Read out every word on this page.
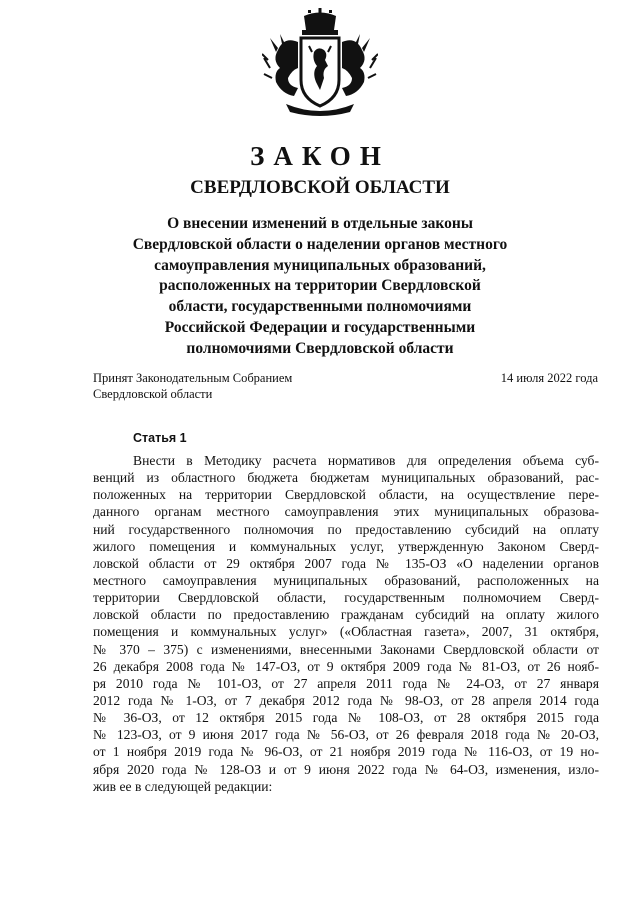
ЗАКОН
СВЕРДЛОВСКОЙ ОБЛАСТИ
О внесении изменений в отдельные законы
Свердловской области о наделении органов местного
самоуправления муниципальных образований,
расположенных на территории Свердловской
области, государственными полномочиями
Российской Федерации и государственными
полномочиями Свердловской области
Принят Законодательным Собранием
Свердловской области
14 июля 2022 года
Статья 1
Внести в Методику расчета нормативов для определения объема суб-
венций из областного бюджета бюджетам муниципальных образований, рас-
положенных на территории Свердловской области, на осуществление пере-
данного органам местного самоуправления этих муниципальных образова-
ний государственного полномочия по предоставлению субсидий на оплату
жилого помещения и коммунальных услуг, утвержденную Законом Сверд-
ловской области от 29 октября 2007 года № 135-ОЗ «О наделении органов
местного самоуправления муниципальных образований, расположенных на
территории Свердловской области, государственным полномочием Сверд-
ловской области по предоставлению гражданам субсидий на оплату жилого
помещения и коммунальных услуг» («Областная газета», 2007, 31 октября,
№ 370 – 375) с изменениями, внесенными Законами Свердловской области от
26 декабря 2008 года № 147-ОЗ, от 9 октября 2009 года № 81-ОЗ, от 26 нояб-
ря 2010 года № 101-ОЗ, от 27 апреля 2011 года № 24-ОЗ, от 27 января
2012 года № 1-ОЗ, от 7 декабря 2012 года № 98-ОЗ, от 28 апреля 2014 года
№ 36-ОЗ, от 12 октября 2015 года № 108-ОЗ, от 28 октября 2015 года
№ 123-ОЗ, от 9 июня 2017 года № 56-ОЗ, от 26 февраля 2018 года № 20-ОЗ,
от 1 ноября 2019 года № 96-ОЗ, от 21 ноября 2019 года № 116-ОЗ, от 19 но-
ября 2020 года № 128-ОЗ и от 9 июня 2022 года № 64-ОЗ, изменения, изло-
жив ее в следующей редакции:
